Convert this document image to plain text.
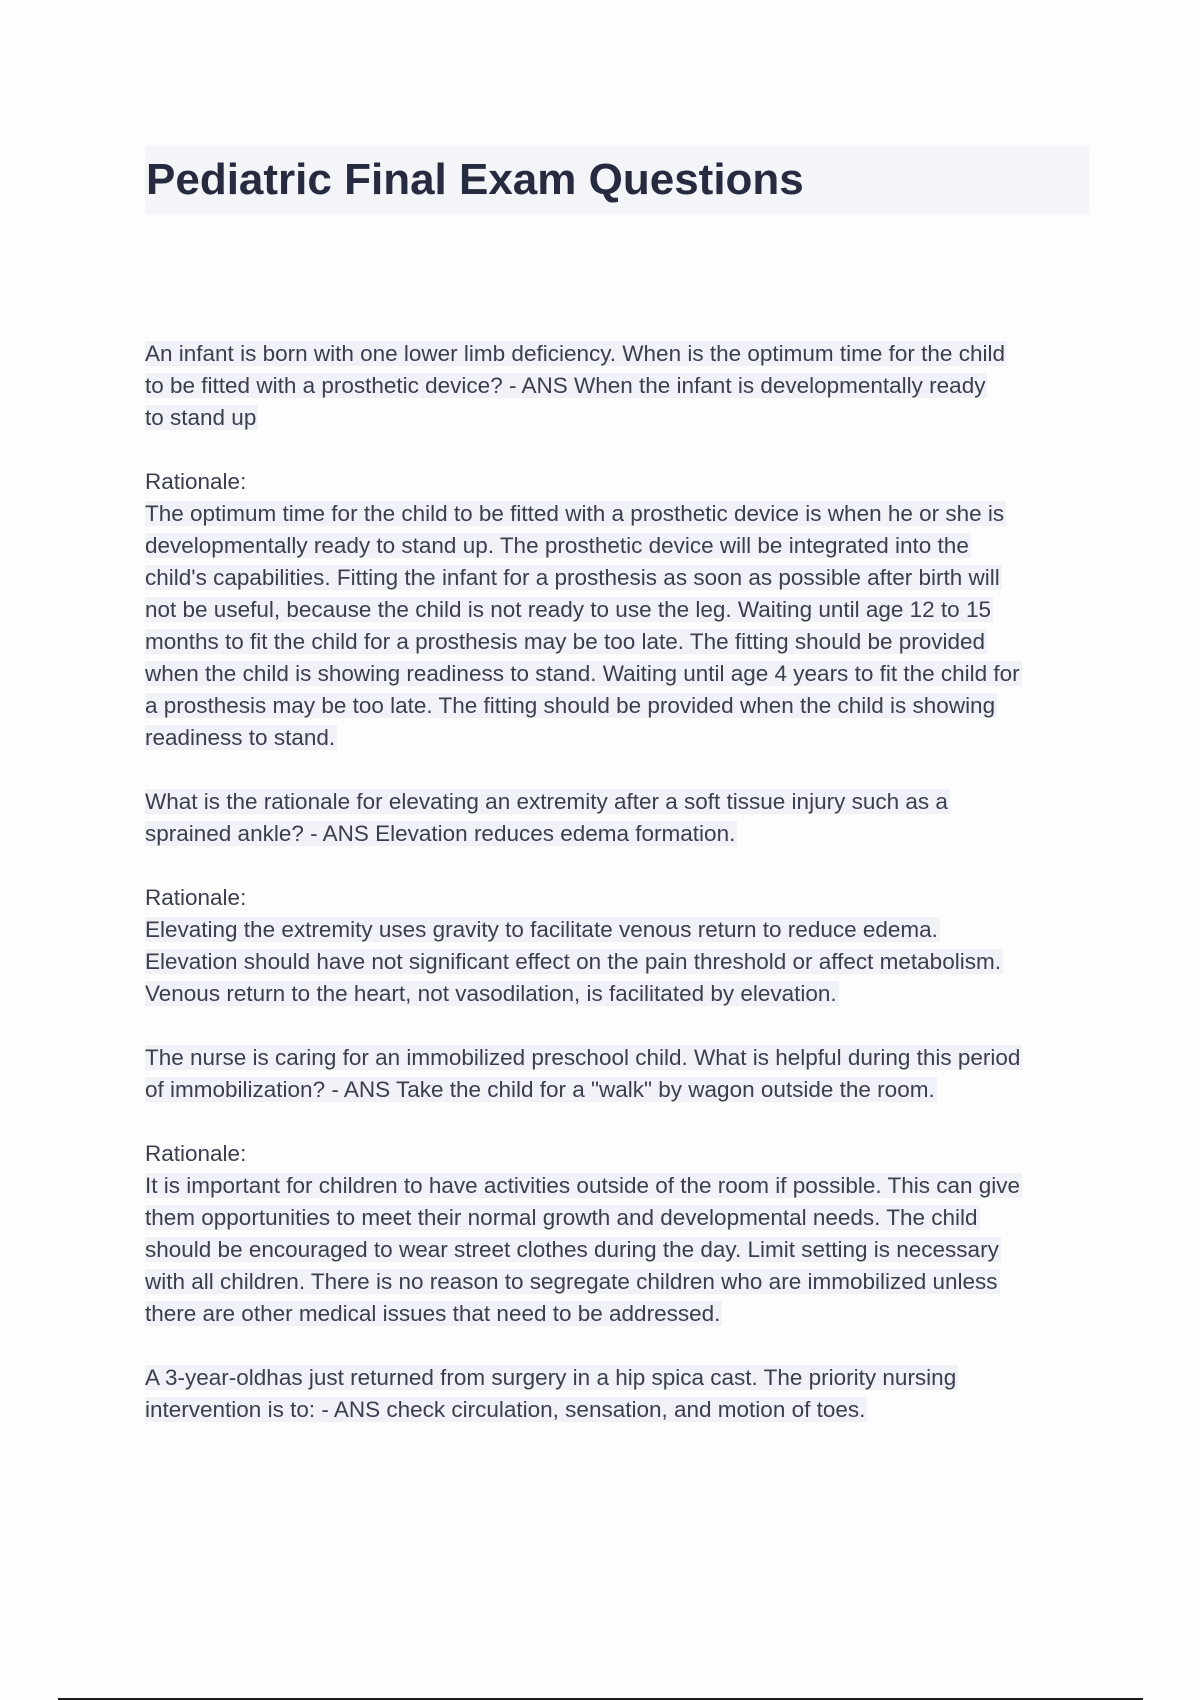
Pediatric Final Exam Questions
An infant is born with one lower limb deficiency. When is the optimum time for the child
to be fitted with a prosthetic device? - ANS When the infant is developmentally ready
to stand up
Rationale:
The optimum time for the child to be fitted with a prosthetic device is when he or she is
developmentally ready to stand up. The prosthetic device will be integrated into the
child's capabilities. Fitting the infant for a prosthesis as soon as possible after birth will
not be useful, because the child is not ready to use the leg. Waiting until age 12 to 15
months to fit the child for a prosthesis may be too late. The fitting should be provided
when the child is showing readiness to stand. Waiting until age 4 years to fit the child for
a prosthesis may be too late. The fitting should be provided when the child is showing
readiness to stand.
What is the rationale for elevating an extremity after a soft tissue injury such as a
sprained ankle? - ANS Elevation reduces edema formation.
Rationale:
Elevating the extremity uses gravity to facilitate venous return to reduce edema.
Elevation should have not significant effect on the pain threshold or affect metabolism.
Venous return to the heart, not vasodilation, is facilitated by elevation.
The nurse is caring for an immobilized preschool child. What is helpful during this period
of immobilization? - ANS Take the child for a "walk" by wagon outside the room.
Rationale:
It is important for children to have activities outside of the room if possible. This can give
them opportunities to meet their normal growth and developmental needs. The child
should be encouraged to wear street clothes during the day. Limit setting is necessary
with all children. There is no reason to segregate children who are immobilized unless
there are other medical issues that need to be addressed.
A 3-year-oldhas just returned from surgery in a hip spica cast. The priority nursing
intervention is to: - ANS check circulation, sensation, and motion of toes.
